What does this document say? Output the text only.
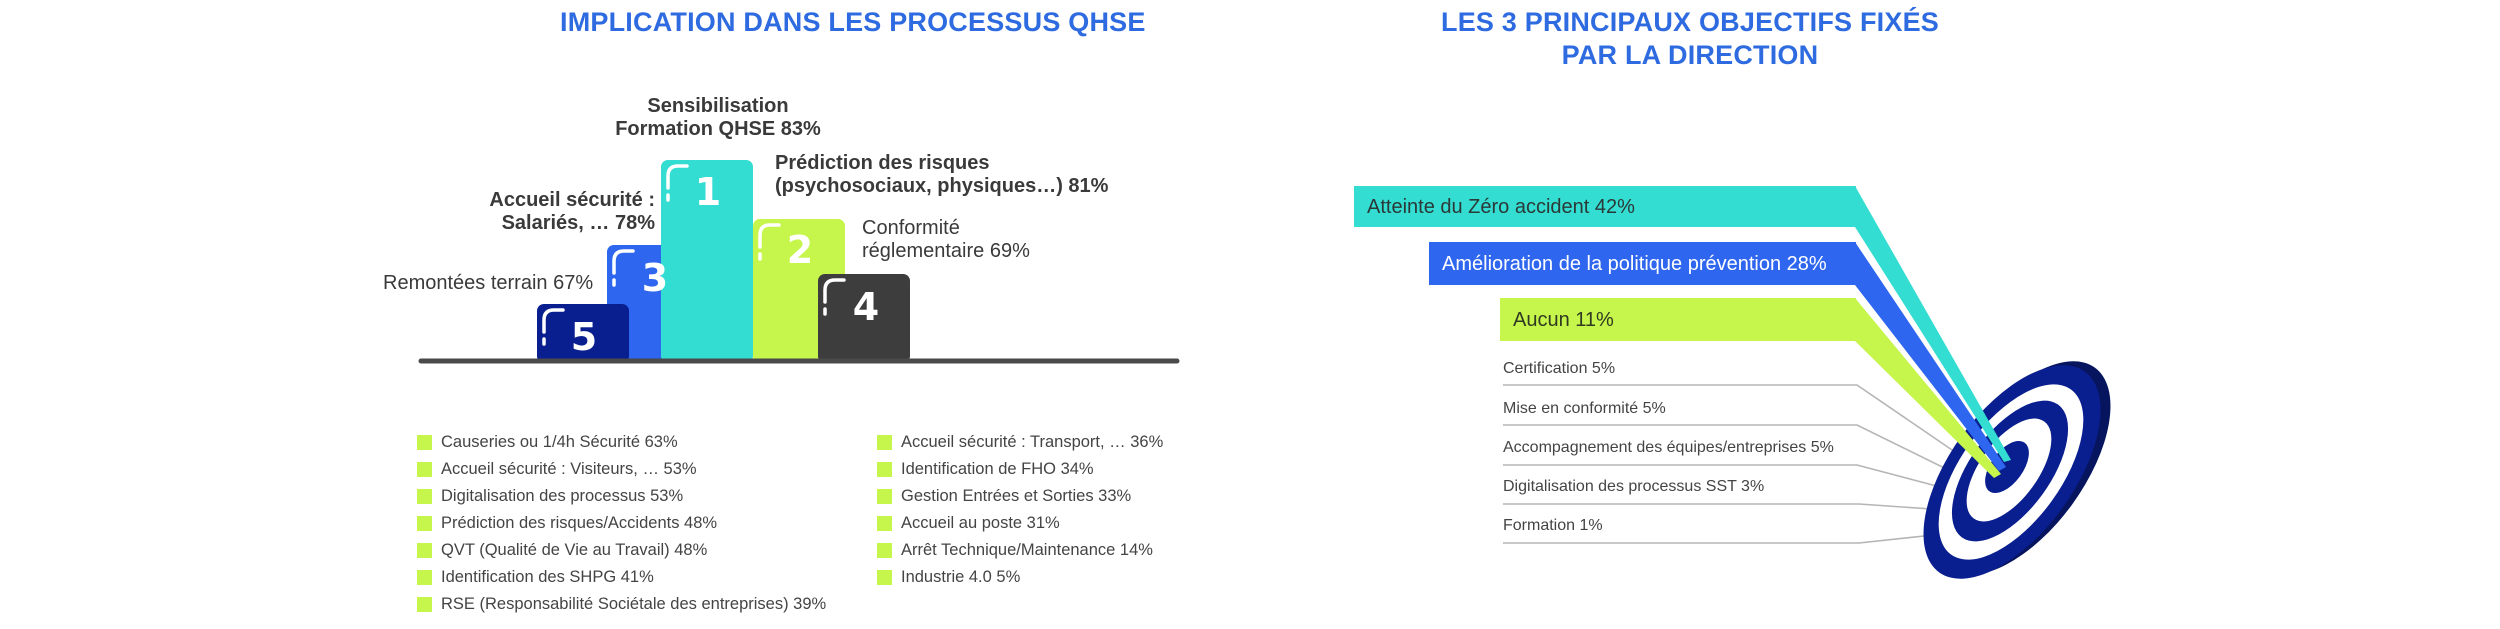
IMPLICATION DANS LES PROCESSUS QHSE
1
2
3
4
5
Sensibilisation
Formation QHSE 83%
Prédiction des risques
(psychosociaux, physiques…) 81%
Accueil sécurité :
Salariés, … 78%	Conformité
réglementaire 69%
Remontées terrain 67%
Causeries ou 1/4h Sécurité 63%
Accueil sécurité : Visiteurs, … 53%
Digitalisation des processus 53%
Prédiction des risques/Accidents 48%
QVT (Qualité de Vie au Travail) 48%
Identification des SHPG 41%
RSE (Responsabilité Sociétale des entreprises) 39%
Accueil sécurité : Transport, … 36%
Identification de FHO 34%
Gestion Entrées et Sorties 33%
Accueil au poste 31%
Arrêt Technique/Maintenance 14%
Industrie 4.0 5%
LES 3 PRINCIPAUX OBJECTIFS FIXÉS
PAR LA DIRECTION
Atteinte du Zéro accident 42%
Amélioration de la politique prévention 28%
Aucun 11%
Certification 5%
Mise en conformité 5%
Accompagnement des équipes/entreprises 5%
Digitalisation des processus SST 3%
Formation 1%
